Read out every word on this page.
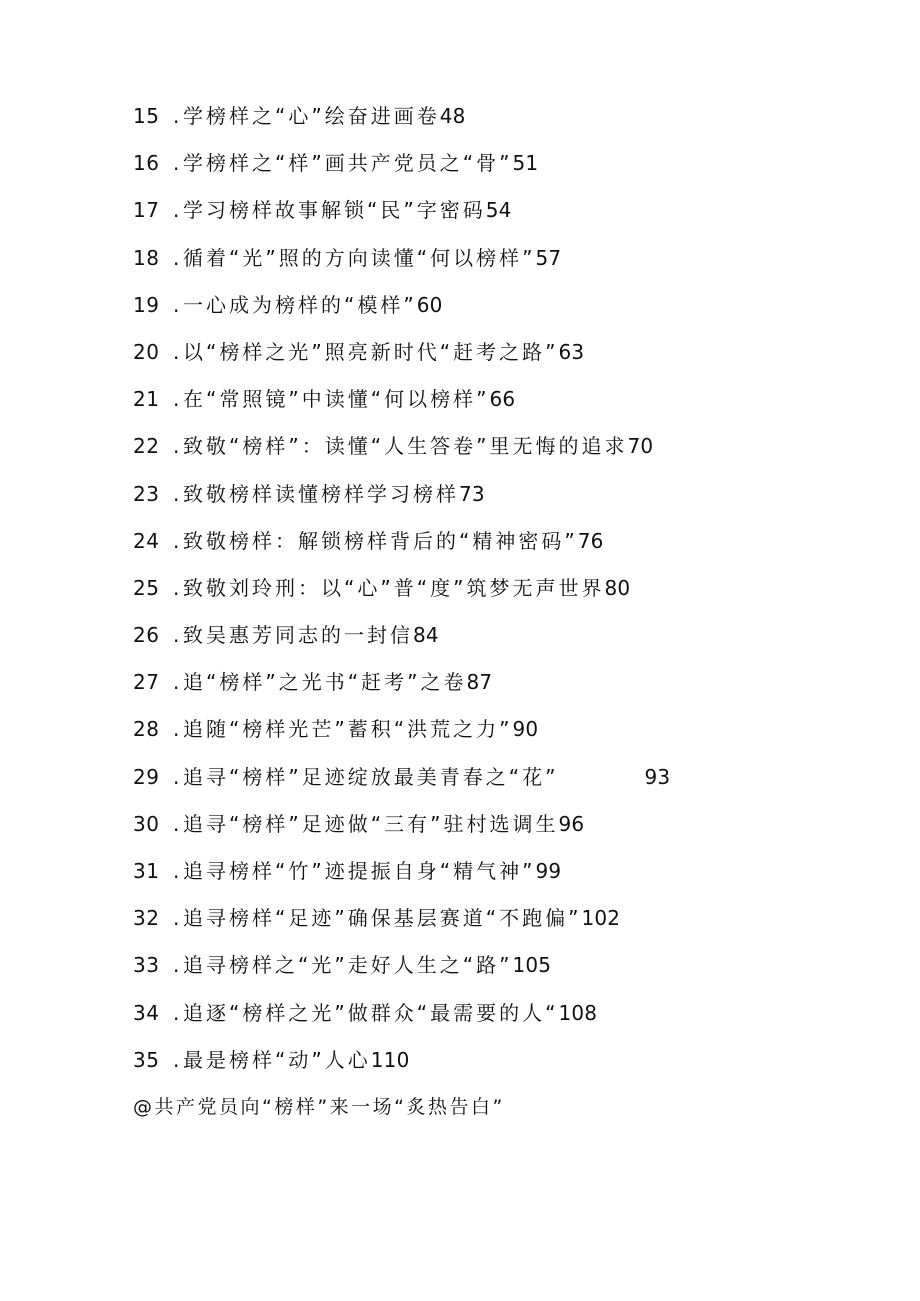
15 . 学榜样之“心”绘奋进画卷 48
16 . 学榜样之“样”画共产党员之“骨” 51
17 . 学习榜样故事解锁“民”字密码 54
18 . 循着“光”照的方向读懂“何以榜样” 57
19 . 一心成为榜样的“模样” 60
20 . 以“榜样之光”照亮新时代“赶考之路” 63
21 . 在“常照镜”中读懂“何以榜样” 66
22 . 致敬“榜样”：读懂“人生答卷”里无悔的追求 70
23 . 致敬榜样读懂榜样学习榜样 73
24 . 致敬榜样：解锁榜样背后的“精神密码” 76
25 . 致敬刘玲刑：以“心”普“度”筑梦无声世界 80
26 . 致吴惠芳同志的一封信 84
27 . 追“榜样”之光书“赶考”之卷 87
28 . 追随“榜样光芒”蓄积“洪荒之力” 90
29 . 追寻“榜样”足迹绽放最美青春之“花”	93
30 . 追寻“榜样”足迹做“三有”驻村选调生 96
31 . 追寻榜样“竹”迹提振自身“精气神” 99
32 . 追寻榜样“足迹”确保基层赛道“不跑偏” 102
33 . 追寻榜样之“光”走好人生之“路” 105
34 . 追逐“榜样之光”做群众“最需要的人“ 108
35 . 最是榜样“动”人心 110
@共产党员向“榜样”来一场“炙热告白”
